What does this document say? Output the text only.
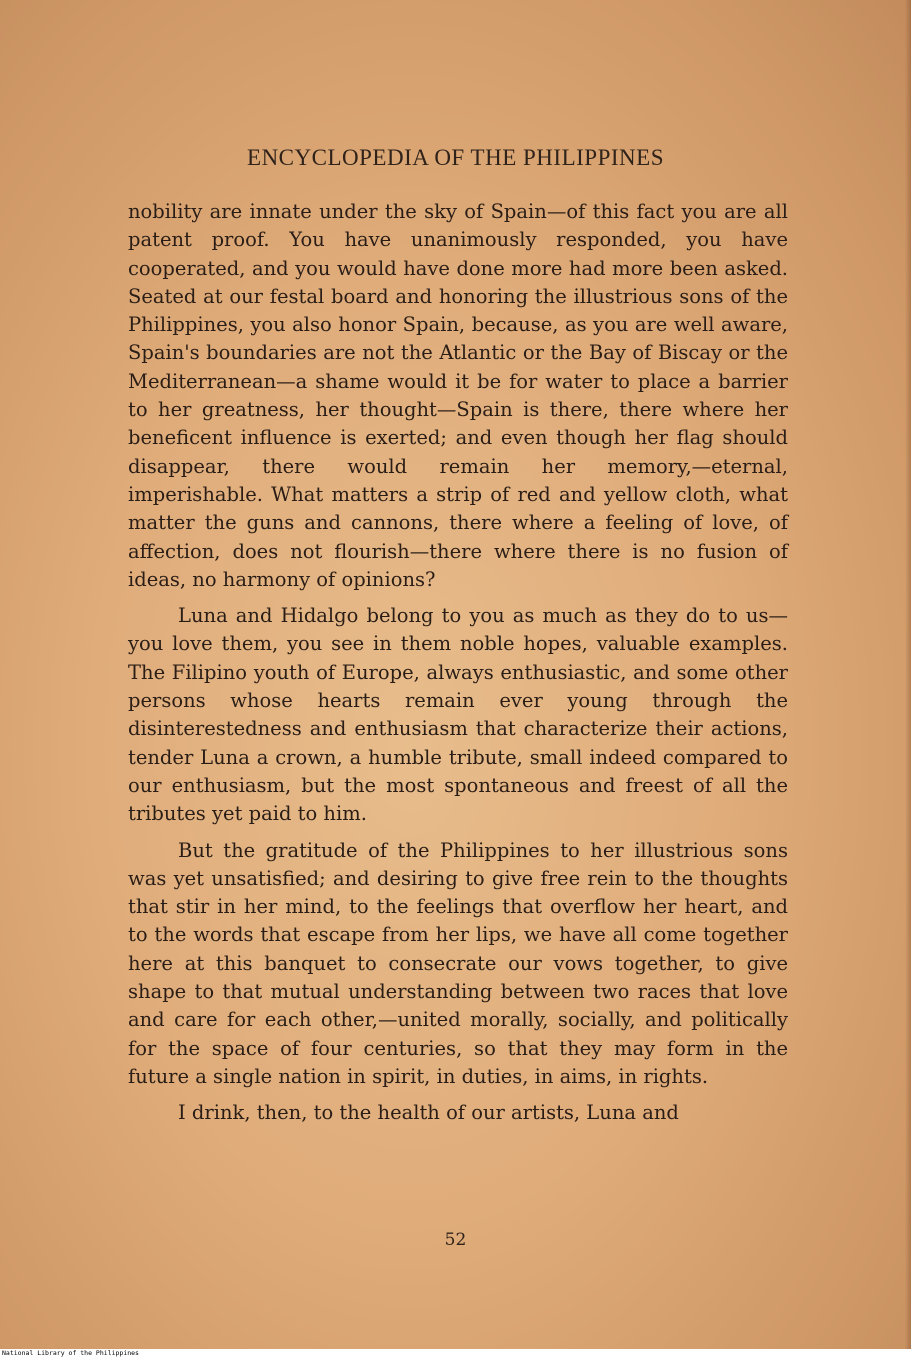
ENCYCLOPEDIA OF THE PHILIPPINES

nobility are innate under the sky of Spain—of this fact you are all patent proof. You have unanimously responded, you have cooperated, and you would have done more had more been asked. Seated at our festal board and honoring the illustrious sons of the Philippines, you also honor Spain, because, as you are well aware, Spain's boundaries are not the Atlantic or the Bay of Biscay or the Mediterranean—a shame would it be for water to place a barrier to her greatness, her thought—Spain is there, there where her beneficent influence is exerted; and even though her flag should disappear, there would remain her memory,—eternal, imperishable. What matters a strip of red and yellow cloth, what matter the guns and cannons, there where a feeling of love, of affection, does not flourish—there where there is no fusion of ideas, no harmony of opinions?

Luna and Hidalgo belong to you as much as they do to us—you love them, you see in them noble hopes, valuable examples. The Filipino youth of Europe, always enthusiastic, and some other persons whose hearts remain ever young through the disinterestedness and enthusiasm that characterize their actions, tender Luna a crown, a humble tribute, small indeed compared to our enthusiasm, but the most spontaneous and freest of all the tributes yet paid to him.

But the gratitude of the Philippines to her illustrious sons was yet unsatisfied; and desiring to give free rein to the thoughts that stir in her mind, to the feelings that overflow her heart, and to the words that escape from her lips, we have all come together here at this banquet to consecrate our vows together, to give shape to that mutual understanding between two races that love and care for each other,—united morally, socially, and politically for the space of four centuries, so that they may form in the future a single nation in spirit, in duties, in aims, in rights.

I drink, then, to the health of our artists, Luna and

52
National Library of the Philippines
